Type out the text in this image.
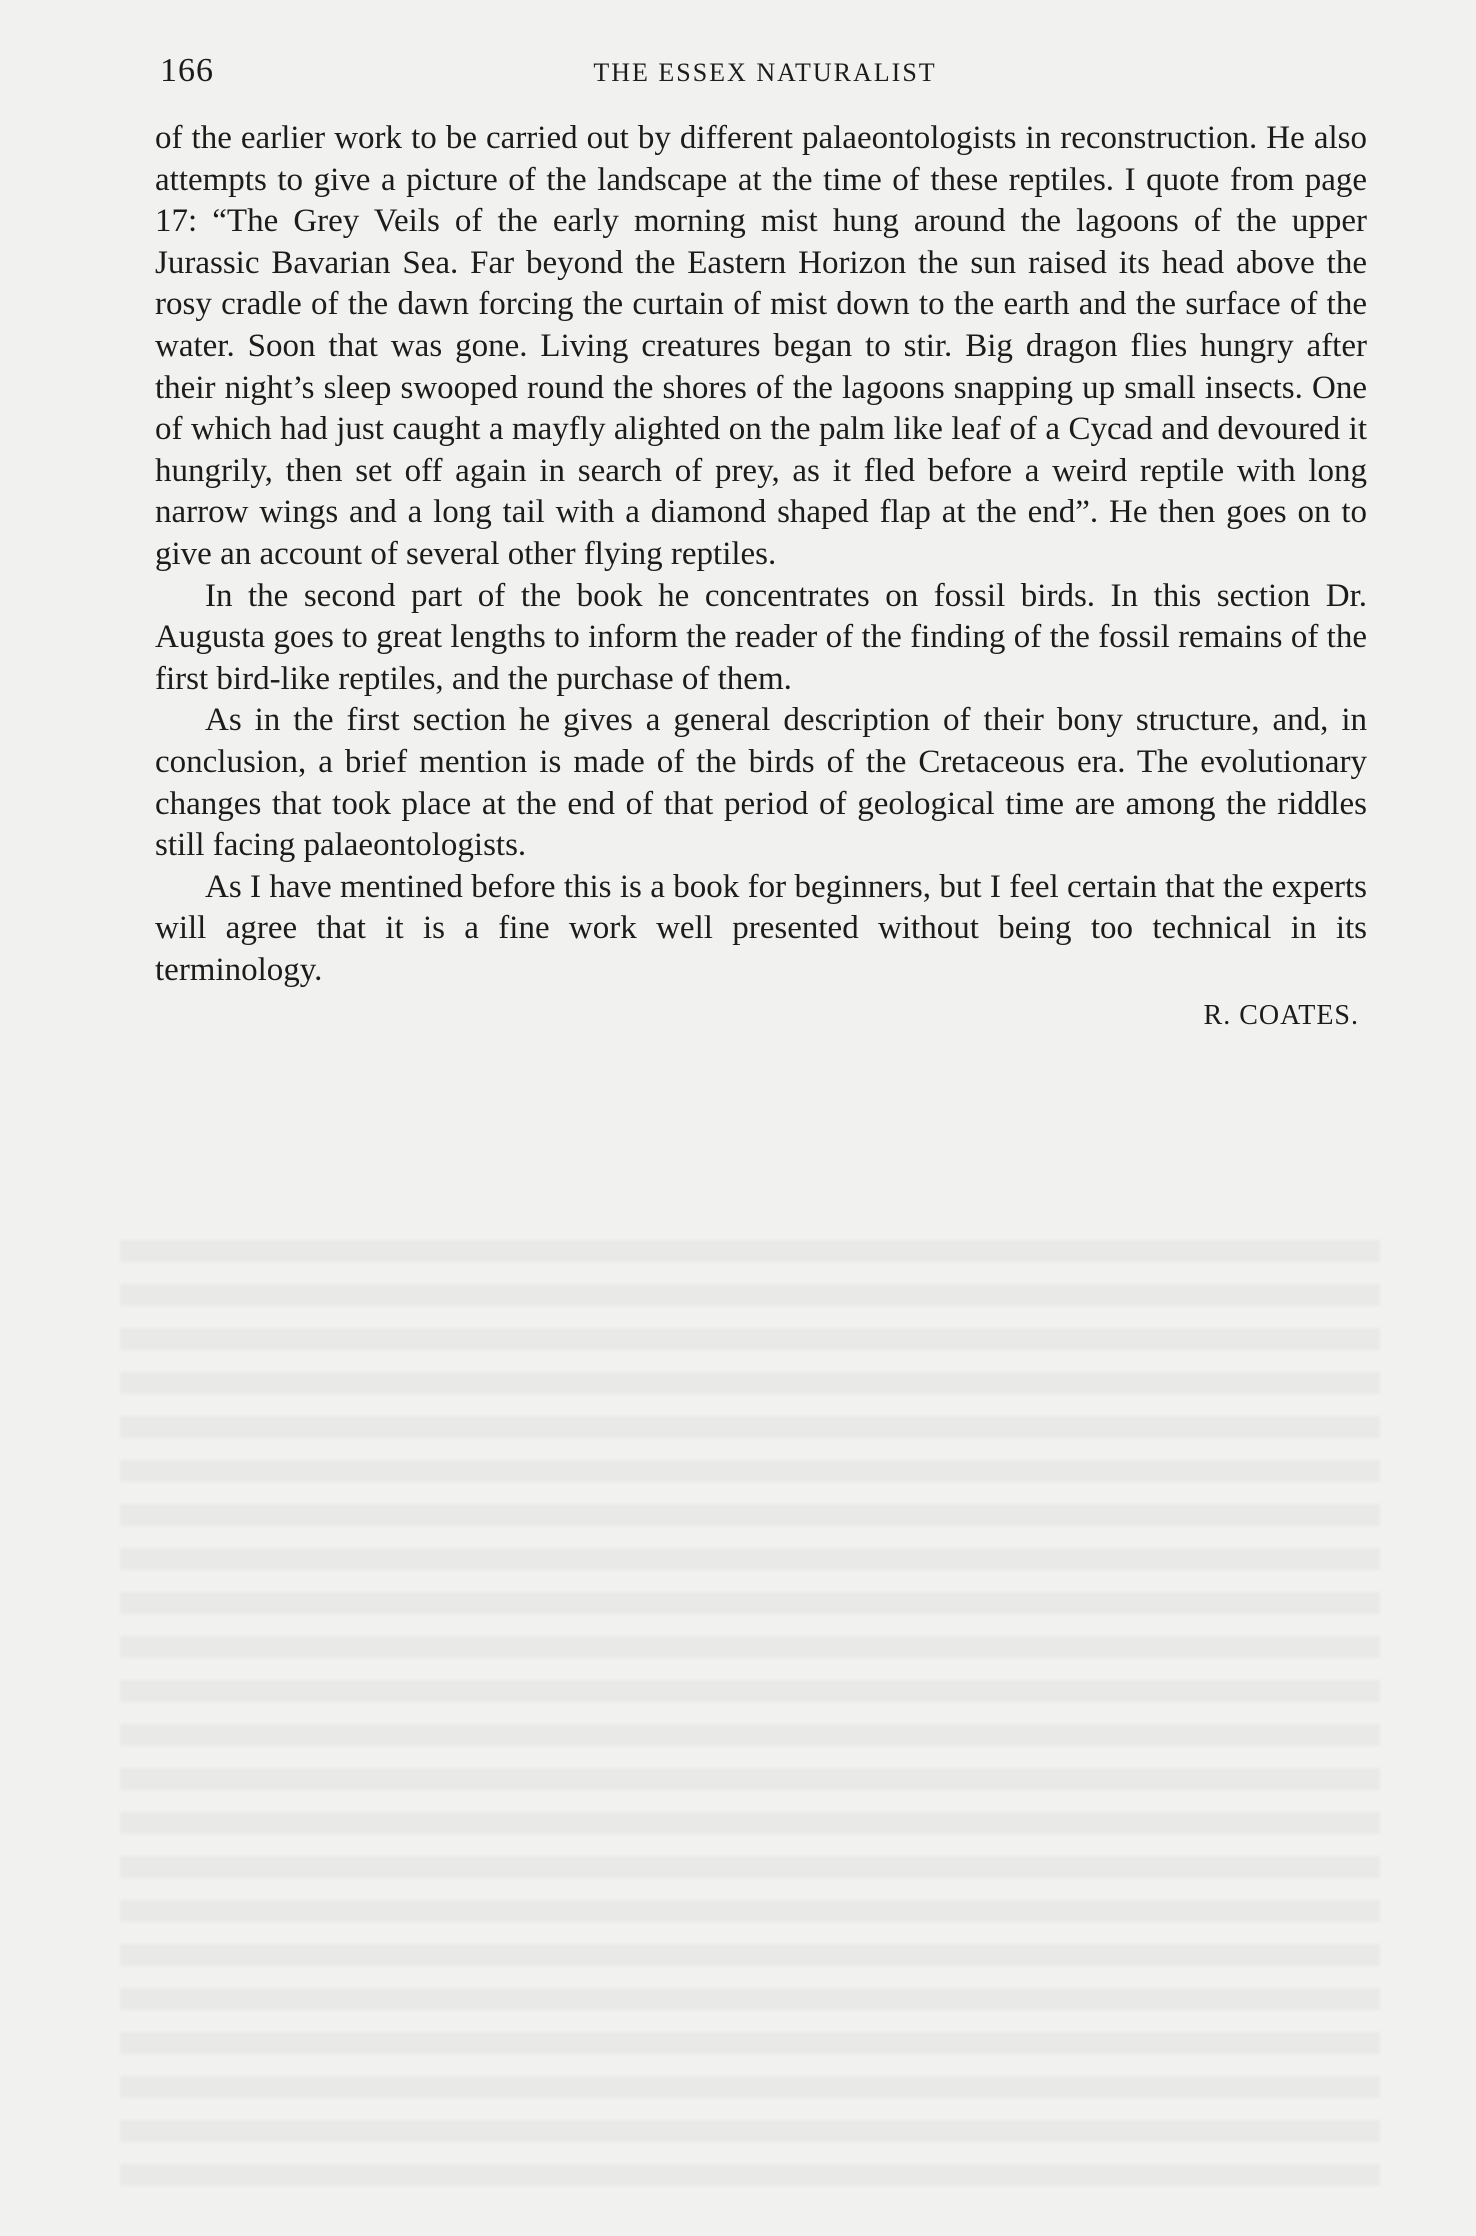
166	THE ESSEX NATURALIST

of the earlier work to be carried out by different palaeontologists in reconstruction. He also attempts to give a picture of the landscape at the time of these reptiles. I quote from page 17: “The Grey Veils of the early morning mist hung around the lagoons of the upper Jurassic Bavarian Sea. Far beyond the Eastern Horizon the sun raised its head above the rosy cradle of the dawn forcing the curtain of mist down to the earth and the surface of the water. Soon that was gone. Living creatures began to stir. Big dragon flies hungry after their night’s sleep swooped round the shores of the lagoons snapping up small insects. One of which had just caught a mayfly alighted on the palm like leaf of a Cycad and devoured it hungrily, then set off again in search of prey, as it fled before a weird reptile with long narrow wings and a long tail with a diamond shaped flap at the end”. He then goes on to give an account of several other flying reptiles.

In the second part of the book he concentrates on fossil birds. In this section Dr. Augusta goes to great lengths to inform the reader of the finding of the fossil remains of the first bird-like reptiles, and the purchase of them.

As in the first section he gives a general description of their bony structure, and, in conclusion, a brief mention is made of the birds of the Cretaceous era. The evolutionary changes that took place at the end of that period of geological time are among the riddles still facing palaeontologists.

As I have mentined before this is a book for beginners, but I feel certain that the experts will agree that it is a fine work well presented without being too technical in its terminology.

R. COATES.
